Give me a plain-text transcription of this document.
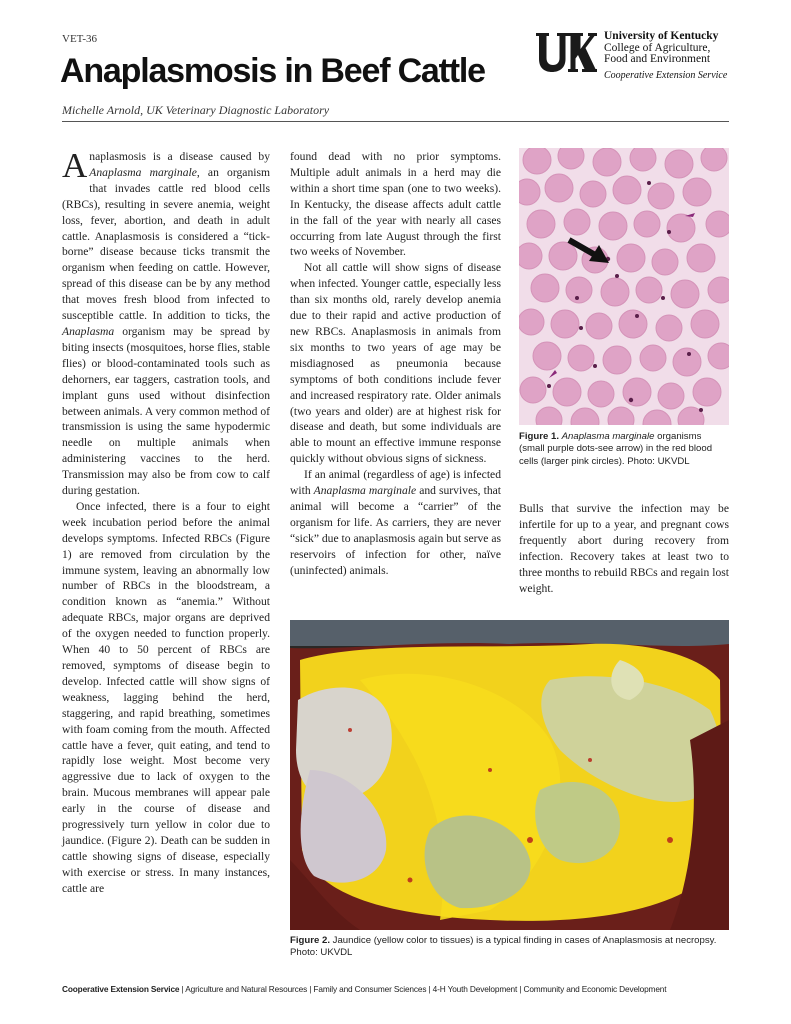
VET-36
Anaplasmosis in Beef Cattle
Michelle Arnold, UK Veterinary Diagnostic Laboratory
University of Kentucky
College of Agriculture,
Food and Environment
Cooperative Extension Service

Anaplasmosis is a disease caused by Anaplasma marginale, an organism that invades cattle red blood cells (RBCs), resulting in severe anemia, weight loss, fever, abortion, and death in adult cattle. Anaplasmosis is considered a “tick-borne” disease because ticks transmit the organism when feeding on cattle. However, spread of this disease can be by any method that moves fresh blood from infected to susceptible cattle. In addition to ticks, the Anaplasma organism may be spread by biting insects (mosquitoes, horse flies, stable flies) or blood-contaminated tools such as dehorners, ear taggers, castration tools, and implant guns used without disinfection between animals. A very common method of transmission is using the same hypodermic needle on multiple animals when administering vaccines to the herd. Transmission may also be from cow to calf during gestation.

Once infected, there is a four to eight week incubation period before the animal develops symptoms. Infected RBCs (Figure 1) are removed from circulation by the immune system, leaving an abnormally low number of RBCs in the bloodstream, a condition known as “anemia.” Without adequate RBCs, major organs are deprived of the oxygen needed to function properly. When 40 to 50 percent of RBCs are removed, symptoms of disease begin to develop. Infected cattle will show signs of weakness, lagging behind the herd, staggering, and rapid breathing, sometimes with foam coming from the mouth. Affected cattle have a fever, quit eating, and tend to rapidly lose weight. Most become very aggressive due to lack of oxygen to the brain. Mucous membranes will appear pale early in the course of disease and progressively turn yellow in color due to jaundice. (Figure 2). Death can be sudden in cattle showing signs of disease, especially with exercise or stress. In many instances, cattle are

found dead with no prior symptoms. Multiple adult animals in a herd may die within a short time span (one to two weeks). In Kentucky, the disease affects adult cattle in the fall of the year with nearly all cases occurring from late August through the first two weeks of November.

Not all cattle will show signs of disease when infected. Younger cattle, especially less than six months old, rarely develop anemia due to their rapid and active production of new RBCs. Anaplasmosis in animals from six months to two years of age may be misdiagnosed as pneumonia because symptoms of both conditions include fever and increased respiratory rate. Older animals (two years and older) are at highest risk for disease and death, but some individuals are able to mount an effective immune response quickly without obvious signs of sickness.

If an animal (regardless of age) is infected with Anaplasma marginale and survives, that animal will become a “carrier” of the organism for life. As carriers, they are never “sick” due to anaplasmosis again but serve as reservoirs of infection for other, naïve (uninfected) animals.

Figure 1. Anaplasma marginale organisms (small purple dots-see arrow) in the red blood cells (larger pink circles). Photo: UKVDL

Bulls that survive the infection may be infertile for up to a year, and pregnant cows frequently abort during recovery from infection. Recovery takes at least two to three months to rebuild RBCs and regain lost weight.

Figure 2. Jaundice (yellow color to tissues) is a typical finding in cases of Anaplasmosis at necropsy. Photo: UKVDL
Cooperative Extension Service | Agriculture and Natural Resources | Family and Consumer Sciences | 4-H Youth Development | Community and Economic Development
